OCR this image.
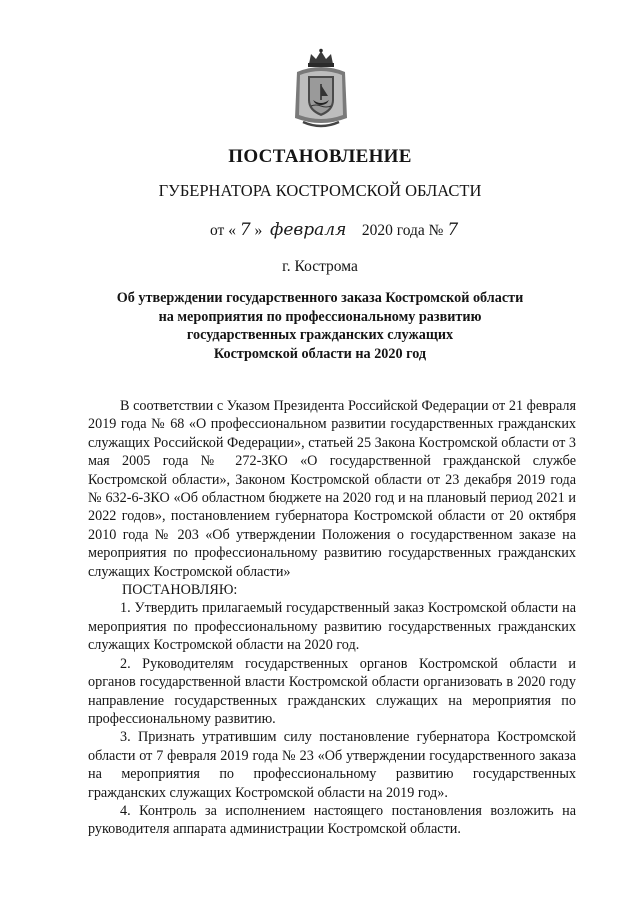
ПОСТАНОВЛЕНИЕ
ГУБЕРНАТОРА КОСТРОМСКОЙ ОБЛАСТИ
от « 7 » февраля 2020 года № 7
г. Кострома
Об утверждении государственного заказа Костромской области
на мероприятия по профессиональному развитию
государственных гражданских служащих
Костромской области на 2020 год

В соответствии с Указом Президента Российской Федерации от 21 февраля 2019 года № 68 «О профессиональном развитии государственных гражданских служащих Российской Федерации», статьей 25 Закона Костромской области от 3 мая 2005 года № 272-ЗКО «О государственной гражданской службе Костромской области», Законом Костромской области от 23 декабря 2019 года № 632-6-ЗКО «Об областном бюджете на 2020 год и на плановый период 2021 и 2022 годов», постановлением губернатора Костромской области от 20 октября 2010 года № 203 «Об утверждении Положения о государственном заказе на мероприятия по профессиональному развитию государственных гражданских служащих Костромской области»

ПОСТАНОВЛЯЮ:

1. Утвердить прилагаемый государственный заказ Костромской области на мероприятия по профессиональному развитию государственных гражданских служащих Костромской области на 2020 год.

2. Руководителям государственных органов Костромской области и органов государственной власти Костромской области организовать в 2020 году направление государственных гражданских служащих на мероприятия по профессиональному развитию.

3. Признать утратившим силу постановление губернатора Костромской области от 7 февраля 2019 года № 23 «Об утверждении государственного заказа на мероприятия по профессиональному развитию государственных гражданских служащих Костромской области на 2019 год».

4. Контроль за исполнением настоящего постановления возложить на руководителя аппарата администрации Костромской области.
